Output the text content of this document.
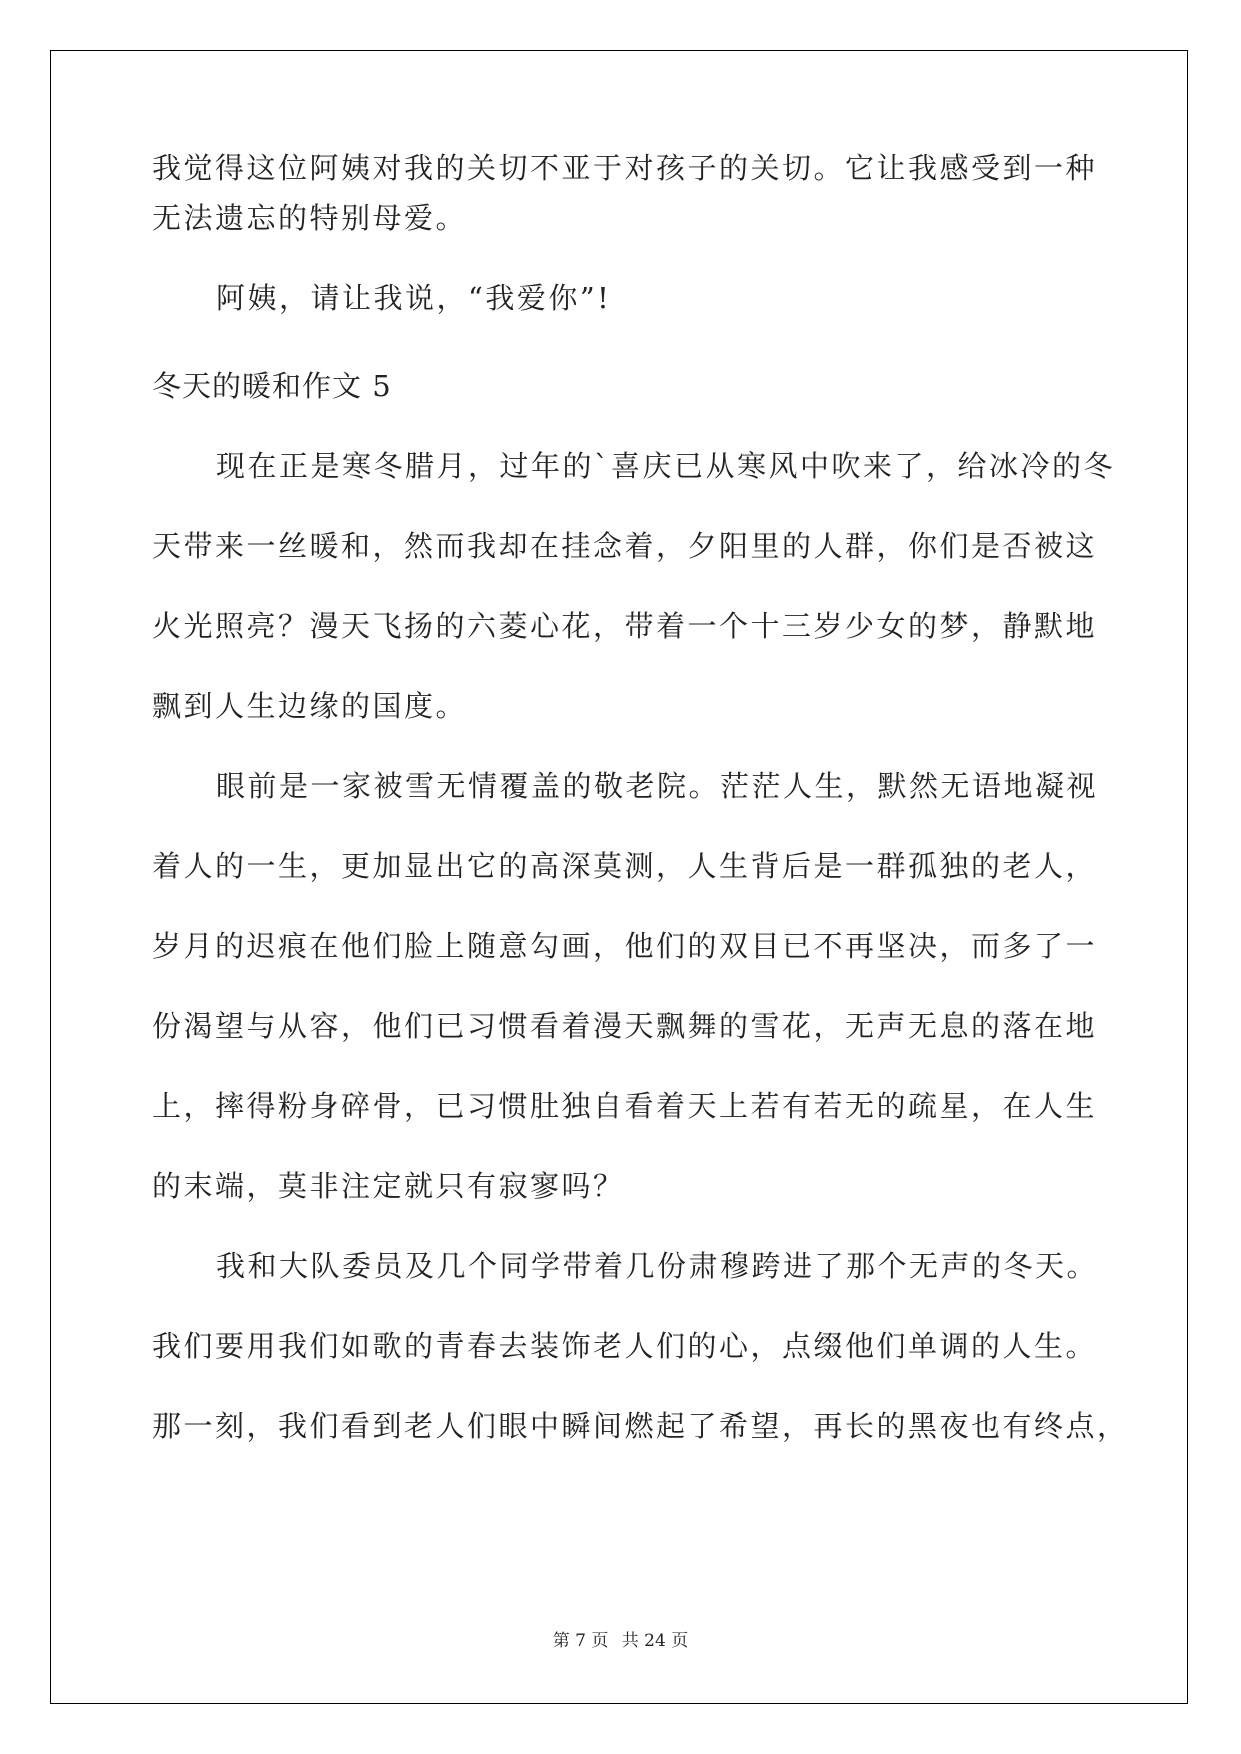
我觉得这位阿姨对我的关切不亚于对孩子的关切。它让我感受到一种
无法遗忘的特别母爱。
阿姨，请让我说，“我爱你”!
冬天的暖和作文 5
现在正是寒冬腊月，过年的`喜庆已从寒风中吹来了，给冰冷的冬
天带来一丝暖和，然而我却在挂念着，夕阳里的人群，你们是否被这
火光照亮？漫天飞扬的六菱心花，带着一个十三岁少女的梦，静默地
飘到人生边缘的国度。
眼前是一家被雪无情覆盖的敬老院。茫茫人生，默然无语地凝视
着人的一生，更加显出它的高深莫测，人生背后是一群孤独的老人，
岁月的迟痕在他们脸上随意勾画，他们的双目已不再坚决，而多了一
份渴望与从容，他们已习惯看着漫天飘舞的雪花，无声无息的落在地
上，摔得粉身碎骨，已习惯肚独自看着天上若有若无的疏星，在人生
的末端，莫非注定就只有寂寥吗？
我和大队委员及几个同学带着几份肃穆跨进了那个无声的冬天。
我们要用我们如歌的青春去装饰老人们的心，点缀他们单调的人生。
那一刻，我们看到老人们眼中瞬间燃起了希望，再长的黑夜也有终点，
第 7 页 共 24 页
